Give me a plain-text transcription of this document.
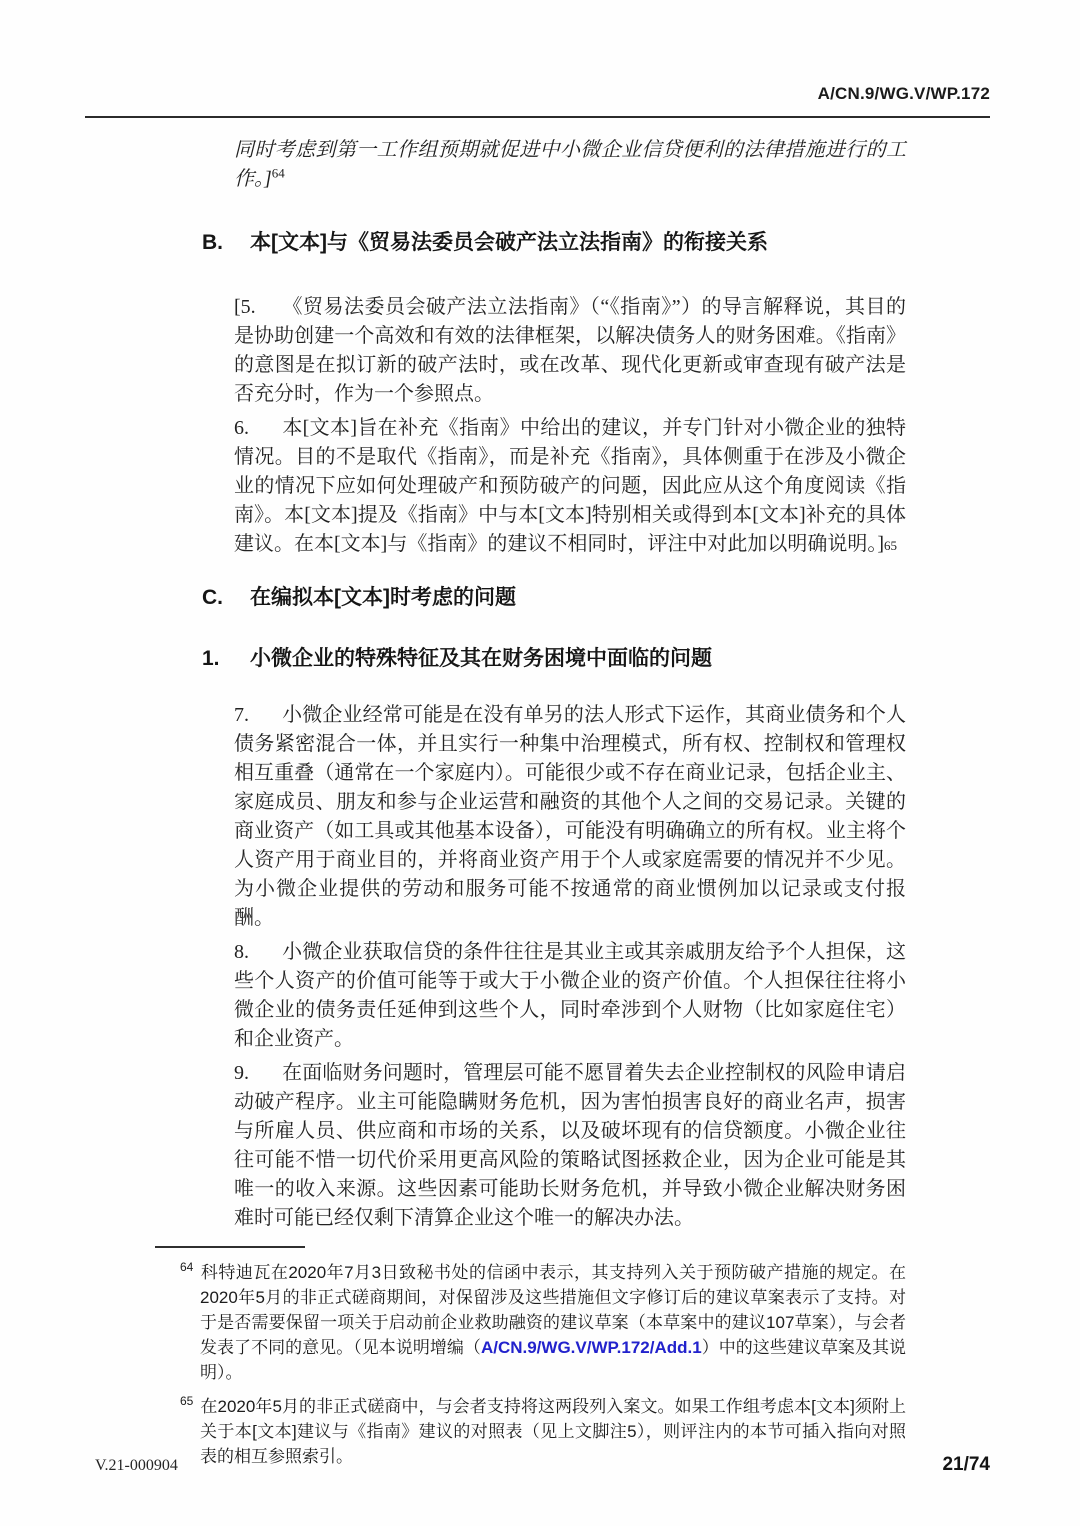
A/CN.9/WG.V/WP.172

同时考虑到第一工作组预期就促进中小微企业信贷便利的法律措施进行的工作。]$^{64}$

B.	本[文本]与《贸易法委员会破产法立法指南》的衔接关系

[5. 《贸易法委员会破产法立法指南》（“《指南》”）的导言解释说，其目的是协助创建一个高效和有效的法律框架，以解决债务人的财务困难。《指南》的意图是在拟订新的破产法时，或在改革、现代化更新或审查现有破产法是否充分时，作为一个参照点。

6. 本[文本]旨在补充《指南》中给出的建议，并专门针对小微企业的独特情况。目的不是取代《指南》，而是补充《指南》，具体侧重于在涉及小微企业的情况下应如何处理破产和预防破产的问题，因此应从这个角度阅读《指南》。本[文本]提及《指南》中与本[文本]特别相关或得到本[文本]补充的具体建议。在本[文本]与《指南》的建议不相同时，评注中对此加以明确说明。]65

C.	在编拟本[文本]时考虑的问题
1.	小微企业的特殊特征及其在财务困境中面临的问题

7. 小微企业经常可能是在没有单另的法人形式下运作，其商业债务和个人债务紧密混合一体，并且实行一种集中治理模式，所有权、控制权和管理权相互重叠（通常在一个家庭内）。可能很少或不存在商业记录，包括企业主、家庭成员、朋友和参与企业运营和融资的其他个人之间的交易记录。关键的商业资产（如工具或其他基本设备），可能没有明确确立的所有权。业主将个人资产用于商业目的，并将商业资产用于个人或家庭需要的情况并不少见。为小微企业提供的劳动和服务可能不按通常的商业惯例加以记录或支付报酬。

8. 小微企业获取信贷的条件往往是其业主或其亲戚朋友给予个人担保，这些个人资产的价值可能等于或大于小微企业的资产价值。个人担保往往将小微企业的债务责任延伸到这些个人，同时牵涉到个人财物（比如家庭住宅）和企业资产。

9. 在面临财务问题时，管理层可能不愿冒着失去企业控制权的风险申请启动破产程序。业主可能隐瞒财务危机，因为害怕损害良好的商业名声，损害与所雇人员、供应商和市场的关系，以及破坏现有的信贷额度。小微企业往往可能不惜一切代价采用更高风险的策略试图拯救企业，因为企业可能是其唯一的收入来源。这些因素可能助长财务危机，并导致小微企业解决财务困难时可能已经仅剩下清算企业这个唯一的解决办法。

$^{64}$ 科特迪瓦在2020年7月3日致秘书处的信函中表示，其支持列入关于预防破产措施的规定。在2020年5月的非正式磋商期间，对保留涉及这些措施但文字修订后的建议草案表示了支持。对于是否需要保留一项关于启动前企业救助融资的建议草案（本草案中的建议107草案），与会者发表了不同的意见。（见本说明增编（A/CN.9/WG.V/WP.172/Add.1）中的这些建议草案及其说明）。

$^{65}$ 在2020年5月的非正式磋商中，与会者支持将这两段列入案文。如果工作组考虑本[文本]须附上关于本[文本]建议与《指南》建议的对照表（见上文脚注5），则评注内的本节可插入指向对照表的相互参照索引。

V.21-000904	21/74
